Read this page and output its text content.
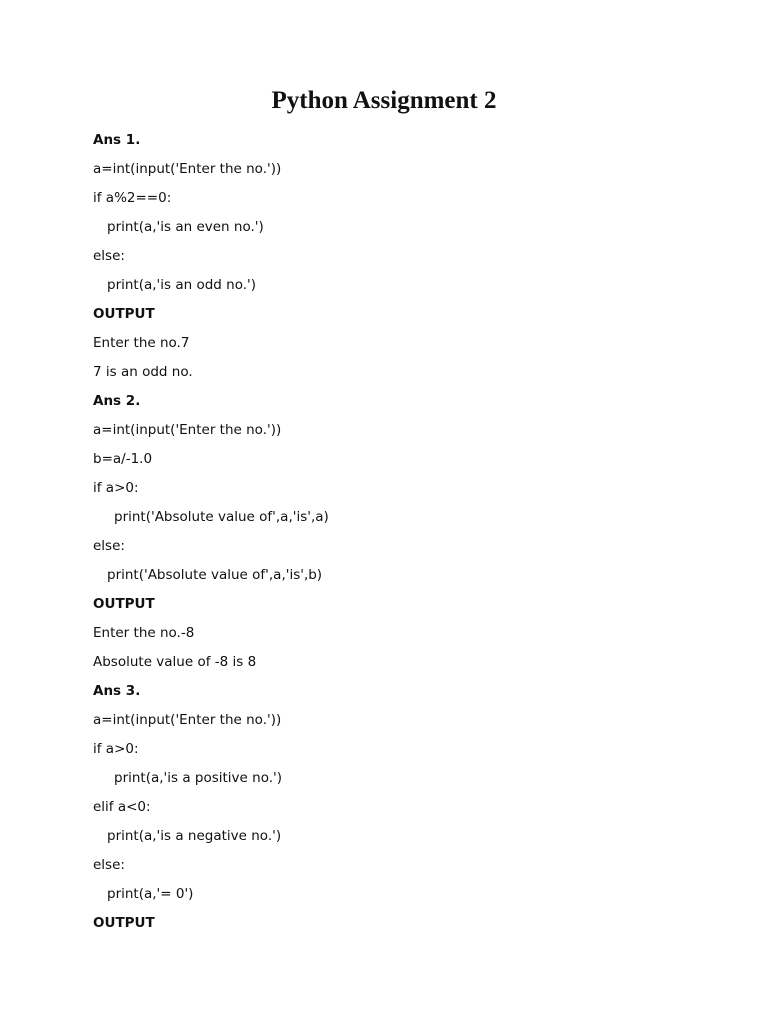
Python Assignment 2
Ans 1.
a=int(input('Enter the no.'))
if a%2==0:
print(a,'is an even no.')
else:
print(a,'is an odd no.')
OUTPUT
Enter the no.7
7 is an odd no.
Ans 2.
a=int(input('Enter the no.'))
b=a/-1.0
if a>0:
print('Absolute value of',a,'is',a)
else:
print('Absolute value of',a,'is',b)
OUTPUT
Enter the no.-8
Absolute value of -8 is 8
Ans 3.
a=int(input('Enter the no.'))
if a>0:
print(a,'is a positive no.')
elif a<0:
print(a,'is a negative no.')
else:
print(a,'= 0')
OUTPUT
